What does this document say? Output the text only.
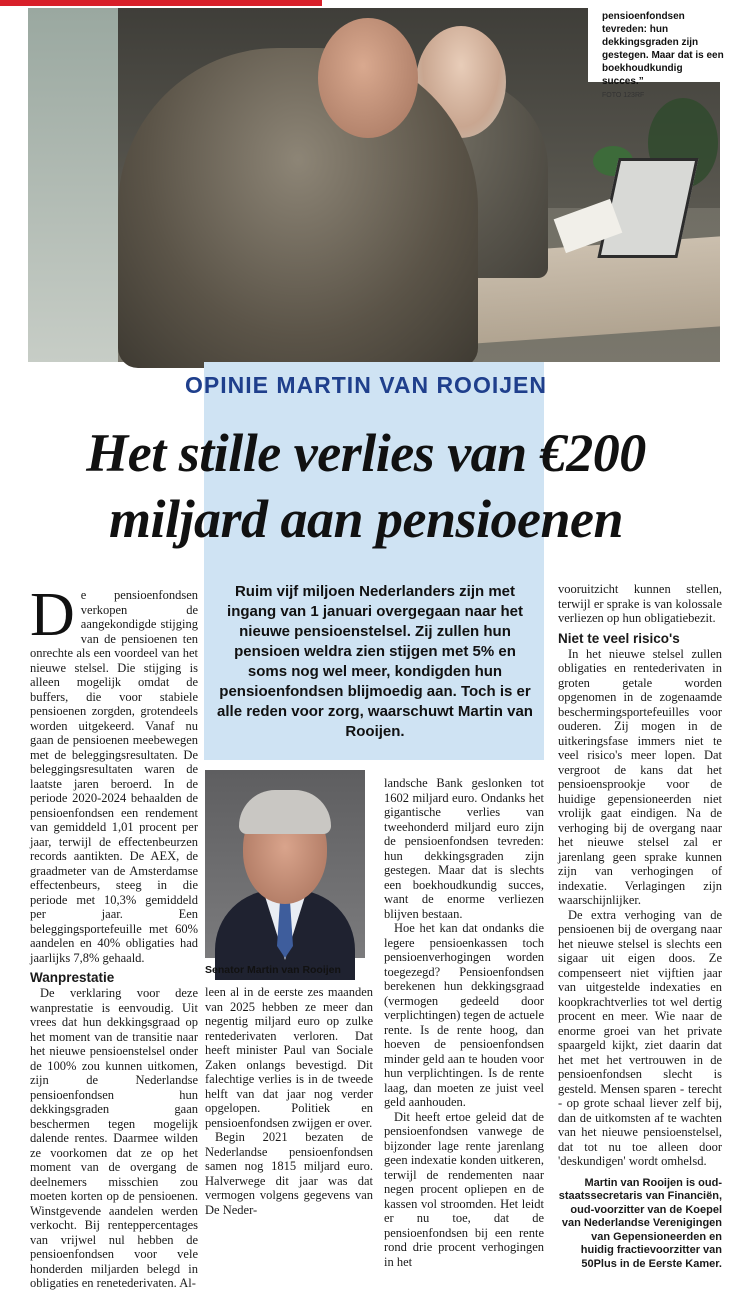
pensioenfondsen tevreden: hun dekkingsgraden zijn gestegen. Maar dat is een boekhoudkundig succes.”
FOTO 123RF
OPINIE MARTIN VAN ROOIJEN
Het stille verlies van €200
miljard aan pensioenen
Ruim vijf miljoen Nederlanders zijn met ingang van 1 januari overgegaan naar het nieuwe pensioenstelsel. Zij zullen hun pensioen weldra zien stijgen met 5% en soms nog wel meer, kondigden hun pensioenfondsen blijmoedig aan. Toch is er alle reden voor zorg, waarschuwt Martin van Rooijen.

De pensioenfondsen verkopen de aangekondigde stijging van de pensioenen ten onrechte als een voordeel van het nieuwe stelsel. Die stijging is alleen mogelijk omdat de buffers, die voor stabiele pensioenen zorgden, grotendeels worden uitgekeerd. Vanaf nu gaan de pensioenen meebewegen met de beleggingsresultaten. De beleggingsresultaten waren de laatste jaren beroerd. In de periode 2020-2024 behaalden de pensioenfondsen een rendement van gemiddeld 1,01 procent per jaar, terwijl de effectenbeurzen records aantikten. De AEX, de graadmeter van de Amsterdamse effectenbeurs, steeg in die periode met 10,3% gemiddeld per jaar. Een beleggingsportefeuille met 60% aandelen en 40% obligaties had jaarlijks 7,8% gehaald.

Wanprestatie

De verklaring voor deze wanprestatie is eenvoudig. Uit vrees dat hun dekkingsgraad op het moment van de transitie naar het nieuwe pensioenstelsel onder de 100% zou kunnen uitkomen, zijn de Nederlandse pensioenfondsen hun dekkingsgraden gaan beschermen tegen mogelijk dalende rentes. Daarmee wilden ze voorkomen dat ze op het moment van de overgang de deelnemers misschien zou moeten korten op de pensioenen. Winstgevende aandelen werden verkocht. Bij renteppercentages van vrijwel nul hebben de pensioenfondsen voor vele honderden miljarden belegd in obligaties en renetederivaten. Al-

Senator Martin van Rooijen

leen al in de eerste zes maanden van 2025 hebben ze meer dan negentig miljard euro op zulke rentederivaten verloren. Dat heeft minister Paul van Sociale Zaken onlangs bevestigd. Dit falechtige verlies is in de tweede helft van dat jaar nog verder opgelopen. Politiek en pensioenfondsen zwijgen er over.

Begin 2021 bezaten de Nederlandse pensioenfondsen samen nog 1815 miljard euro. Halverwege dit jaar was dat vermogen volgens gegevens van De Neder-

landsche Bank geslonken tot 1602 miljard euro. Ondanks het gigantische verlies van tweehonderd miljard euro zijn de pensioenfondsen tevreden: hun dekkingsgraden zijn gestegen. Maar dat is slechts een boekhoudkundig succes, want de enorme verliezen blijven bestaan.

Hoe het kan dat ondanks die legere pensioenkassen toch pensioenverhogingen worden toegezegd? Pensioenfondsen berekenen hun dekkingsgraad (vermogen gedeeld door verplichtingen) tegen de actuele rente. Is de rente hoog, dan hoeven de pensioenfondsen minder geld aan te houden voor hun verplichtingen. Is de rente laag, dan moeten ze juist veel geld aanhouden.

Dit heeft ertoe geleid dat de pensioenfondsen vanwege de bijzonder lage rente jarenlang geen indexatie konden uitkeren, terwijl de rendementen naar negen procent opliepen en de kassen vol stroomden. Het leidt er nu toe, dat de pensioenfondsen bij een rente rond drie procent verhogingen in het

vooruitzicht kunnen stellen, terwijl er sprake is van kolossale verliezen op hun obligatiebezit.

Niet te veel risico's

In het nieuwe stelsel zullen obligaties en rentederivaten in groten getale worden opgenomen in de zogenaamde beschermingsportefeuilles voor ouderen. Zij mogen in de uitkeringsfase immers niet te veel risico's meer lopen. Dat vergroot de kans dat het pensioensprookje voor de huidige gepensioneerden niet vrolijk gaat eindigen. Na de verhoging bij de overgang naar het nieuwe stelsel zal er jarenlang geen sprake kunnen zijn van verhogingen of indexatie. Verlagingen zijn waarschijnlijker.

De extra verhoging van de pensioenen bij de overgang naar het nieuwe stelsel is slechts een sigaar uit eigen doos. Ze compenseert niet vijftien jaar van uitgestelde indexaties en koopkrachtverlies tot wel dertig procent en meer. Wie naar de enorme groei van het private spaargeld kijkt, ziet daarin dat het met het vertrouwen in de pensioenfondsen slecht is gesteld. Mensen sparen - terecht - op grote schaal liever zelf bij, dan de uitkomsten af te wachten van het nieuwe pensioenstelsel, dat tot nu toe alleen door 'deskundigen' wordt omhelsd.

Martin van Rooijen is oud-staatssecretaris van Financiën, oud-voorzitter van de Koepel van Nederlandse Verenigingen van Gepensioneerden en huidig fractievoorzitter van 50Plus in de Eerste Kamer.
